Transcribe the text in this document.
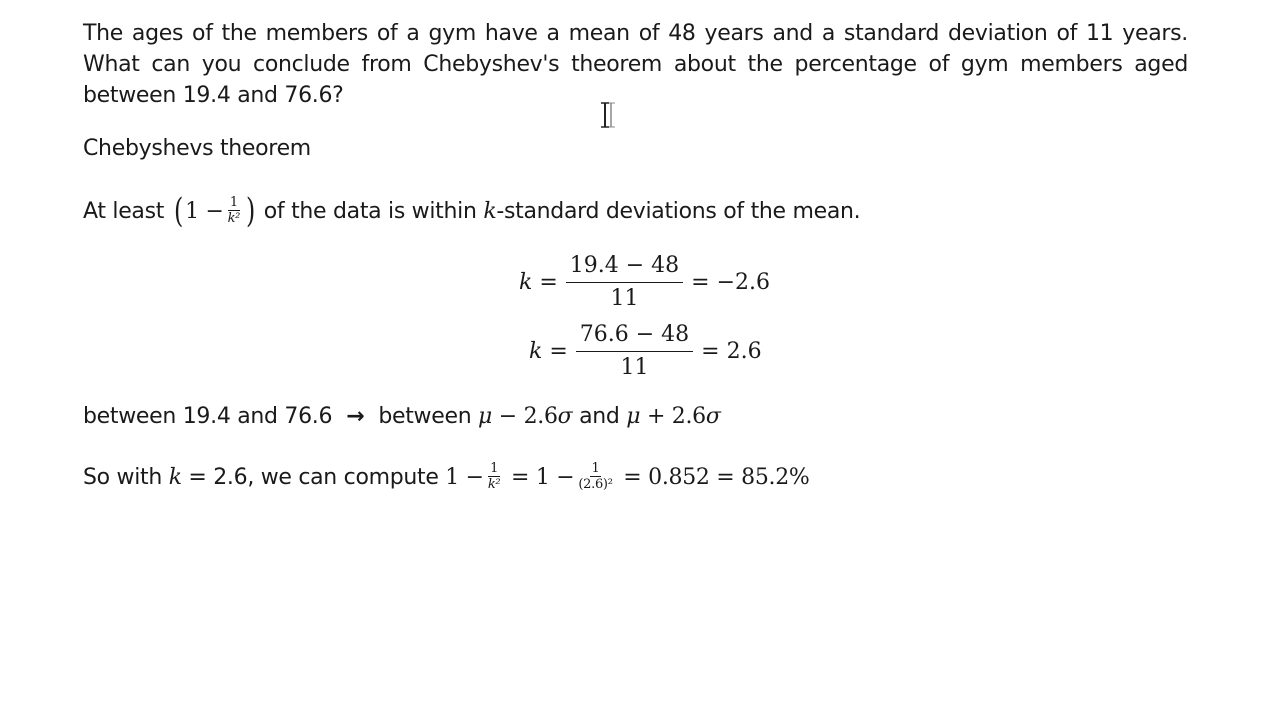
The ages of the members of a gym have a mean of 48 years and a standard deviation of 11 years. What can you conclude from Chebyshev's theorem about the percentage of gym members aged between 19.4 and 76.6?
Chebyshevs theorem
At least ( $1 - \frac{1}{\text{k²}}$ ) of the data is within k -standard deviations of the mean.
$k = \frac{19.4 - 48}{11} = -2.6$
$k = \frac{76.6 - 48}{11} = 2.6$
between 19.4 and 76.6 → between μ − 2.6 σ and μ + 2.6 σ
So with k = 2.6, we can compute $1 - \frac{1}{\text{k²}} = 1 - \frac{1}{\text{(2.6)²}} = 0.852 = 85.2\%$
